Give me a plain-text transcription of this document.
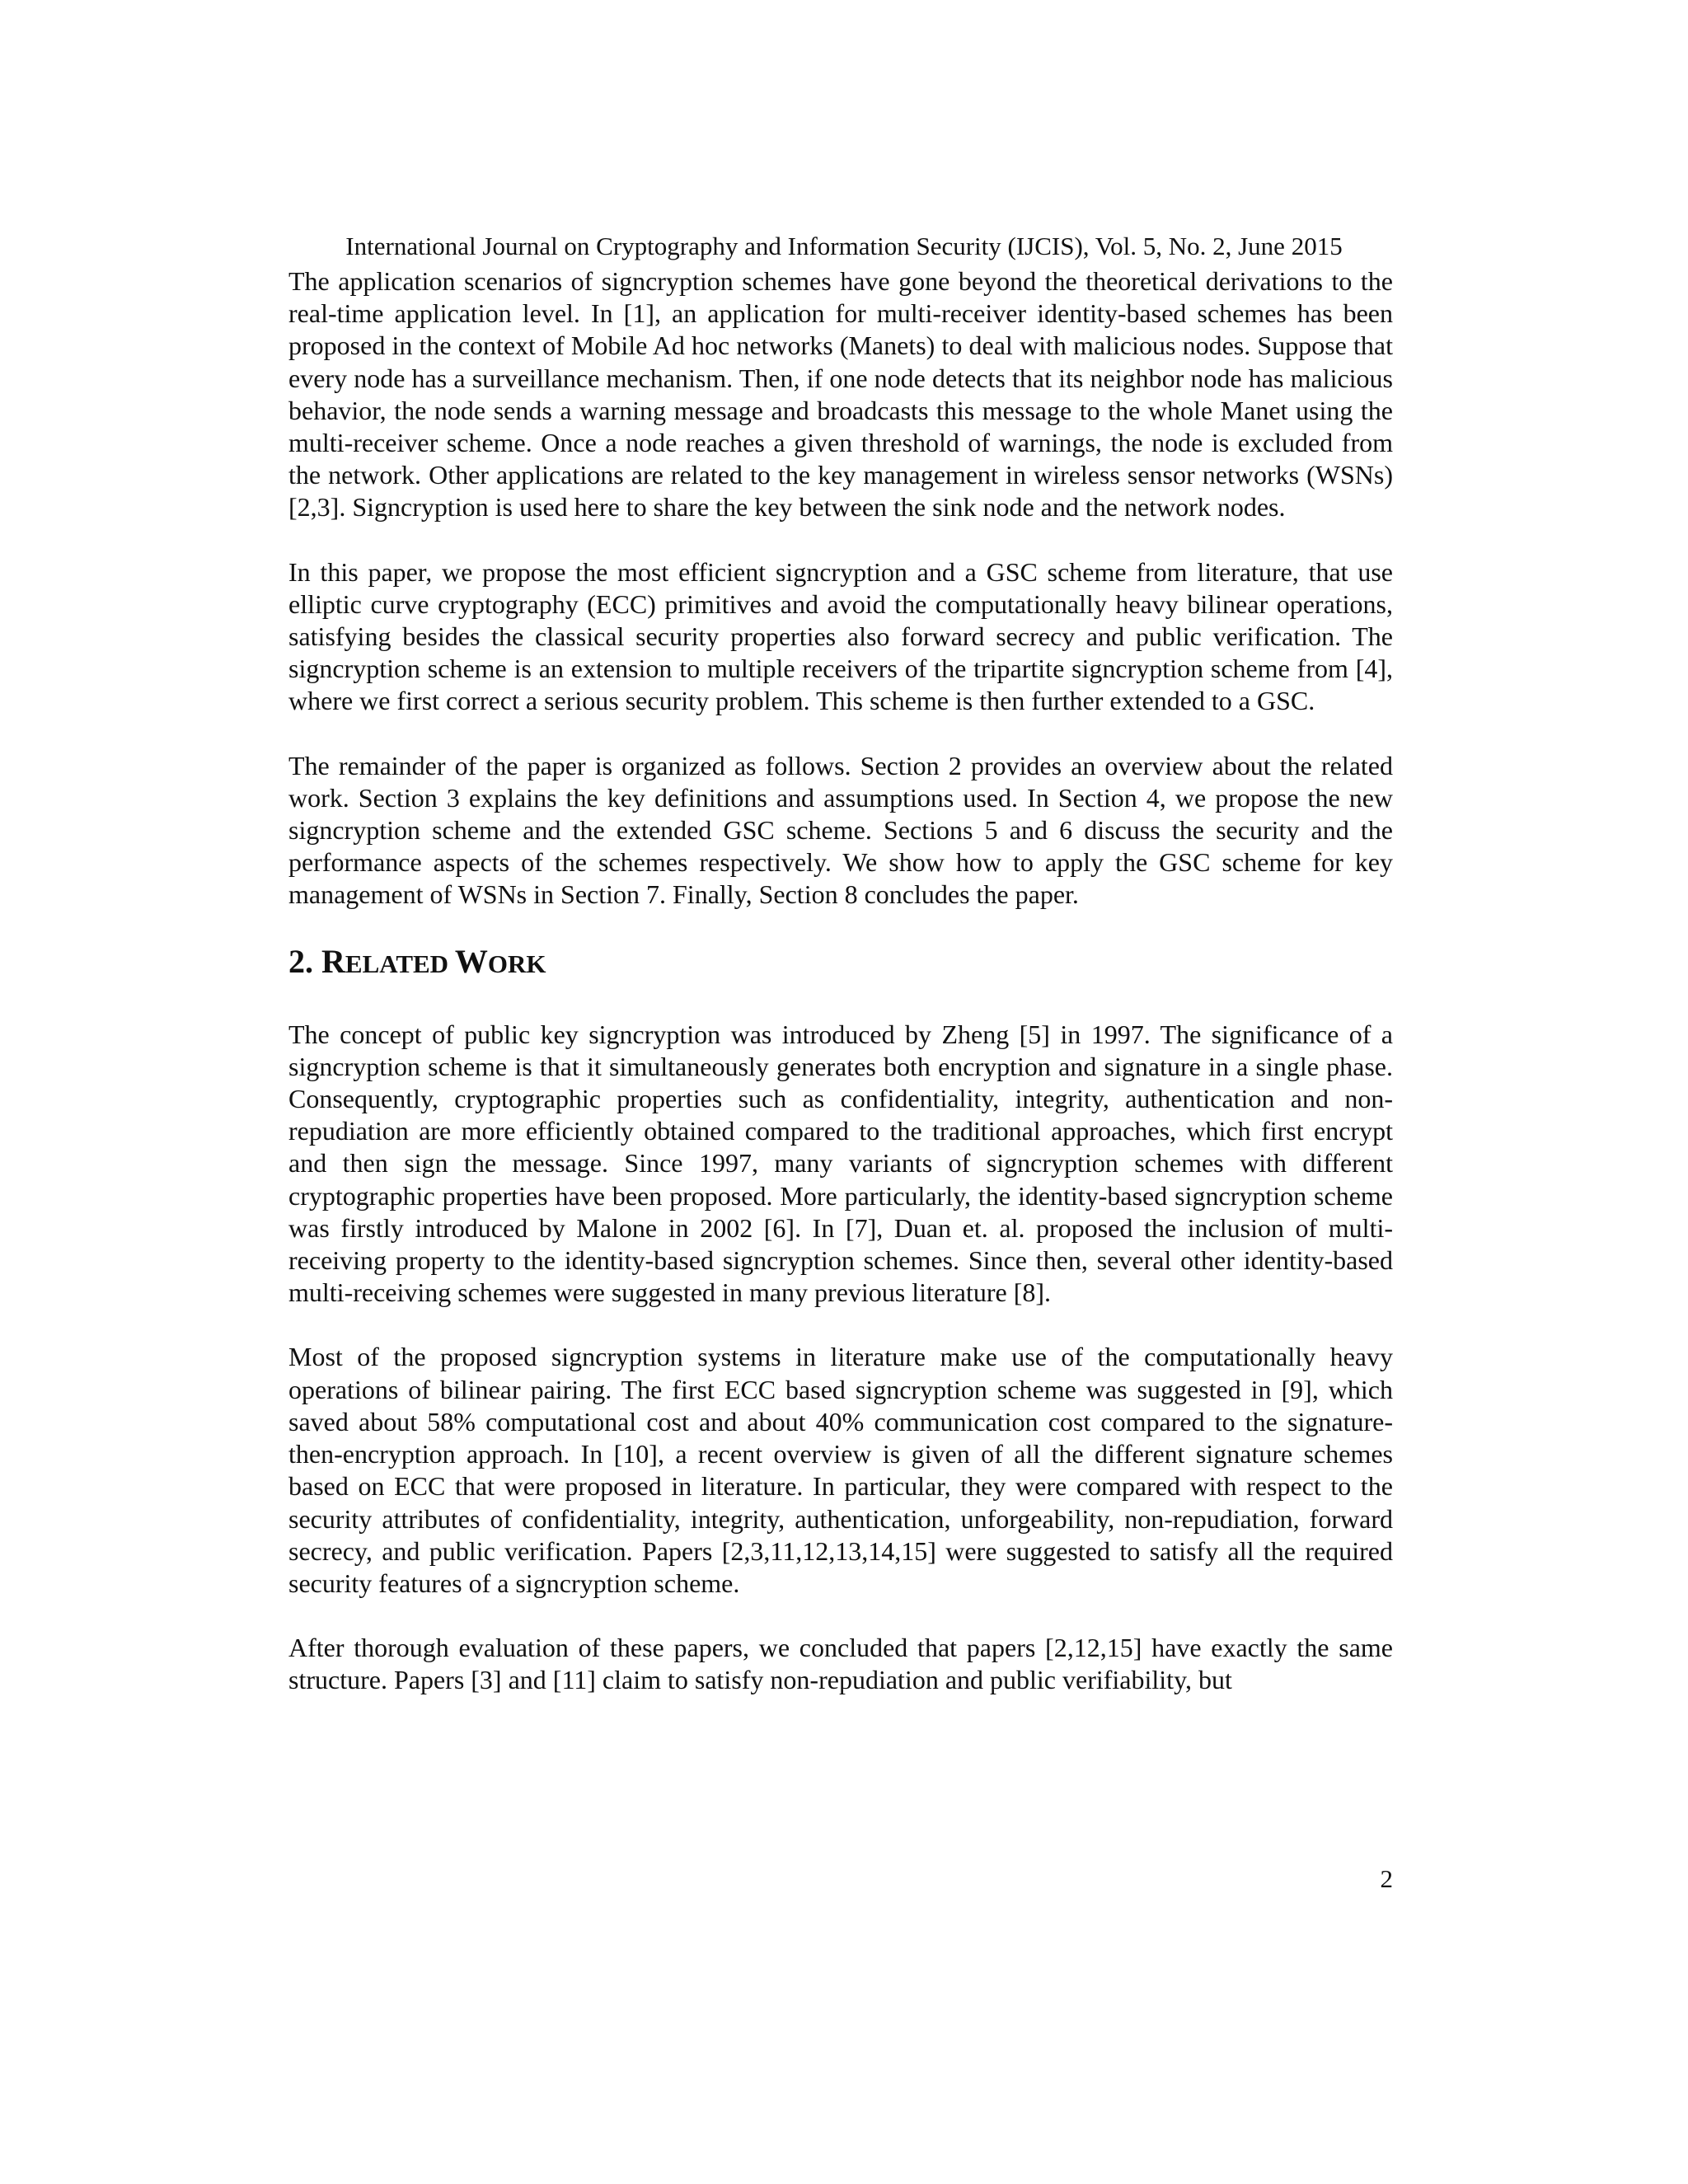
International Journal on Cryptography and Information Security (IJCIS), Vol. 5, No. 2, June 2015

The application scenarios of signcryption schemes have gone beyond the theoretical derivations to the real-time application level. In [1], an application for multi-receiver identity-based schemes has been proposed in the context of Mobile Ad hoc networks (Manets) to deal with malicious nodes. Suppose that every node has a surveillance mechanism. Then, if one node detects that its neighbor node has malicious behavior, the node sends a warning message and broadcasts this message to the whole Manet using the multi-receiver scheme. Once a node reaches a given threshold of warnings, the node is excluded from the network. Other applications are related to the key management in wireless sensor networks (WSNs) [2,3]. Signcryption is used here to share the key between the sink node and the network nodes.

In this paper, we propose the most efficient signcryption and a GSC scheme from literature, that use elliptic curve cryptography (ECC) primitives and avoid the computationally heavy bilinear operations, satisfying besides the classical security properties also forward secrecy and public verification. The signcryption scheme is an extension to multiple receivers of the tripartite signcryption scheme from [4], where we first correct a serious security problem. This scheme is then further extended to a GSC.

The remainder of the paper is organized as follows. Section 2 provides an overview about the related work. Section 3 explains the key definitions and assumptions used. In Section 4, we propose the new signcryption scheme and the extended GSC scheme. Sections 5 and 6 discuss the security and the performance aspects of the schemes respectively. We show how to apply the GSC scheme for key management of WSNs in Section 7. Finally, Section 8 concludes the paper.

2. RELATED WORK

The concept of public key signcryption was introduced by Zheng [5] in 1997. The significance of a signcryption scheme is that it simultaneously generates both encryption and signature in a single phase. Consequently, cryptographic properties such as confidentiality, integrity, authentication and non-repudiation are more efficiently obtained compared to the traditional approaches, which first encrypt and then sign the message. Since 1997, many variants of signcryption schemes with different cryptographic properties have been proposed. More particularly, the identity-based signcryption scheme was firstly introduced by Malone in 2002 [6]. In [7], Duan et. al. proposed the inclusion of multi-receiving property to the identity-based signcryption schemes. Since then, several other identity-based multi-receiving schemes were suggested in many previous literature [8].

Most of the proposed signcryption systems in literature make use of the computationally heavy operations of bilinear pairing. The first ECC based signcryption scheme was suggested in [9], which saved about 58% computational cost and about 40% communication cost compared to the signature-then-encryption approach. In [10], a recent overview is given of all the different signature schemes based on ECC that were proposed in literature. In particular, they were compared with respect to the security attributes of confidentiality, integrity, authentication, unforgeability, non-repudiation, forward secrecy, and public verification. Papers [2,3,11,12,13,14,15] were suggested to satisfy all the required security features of a signcryption scheme.

After thorough evaluation of these papers, we concluded that papers [2,12,15] have exactly the same structure. Papers [3] and [11] claim to satisfy non-repudiation and public verifiability, but

2
